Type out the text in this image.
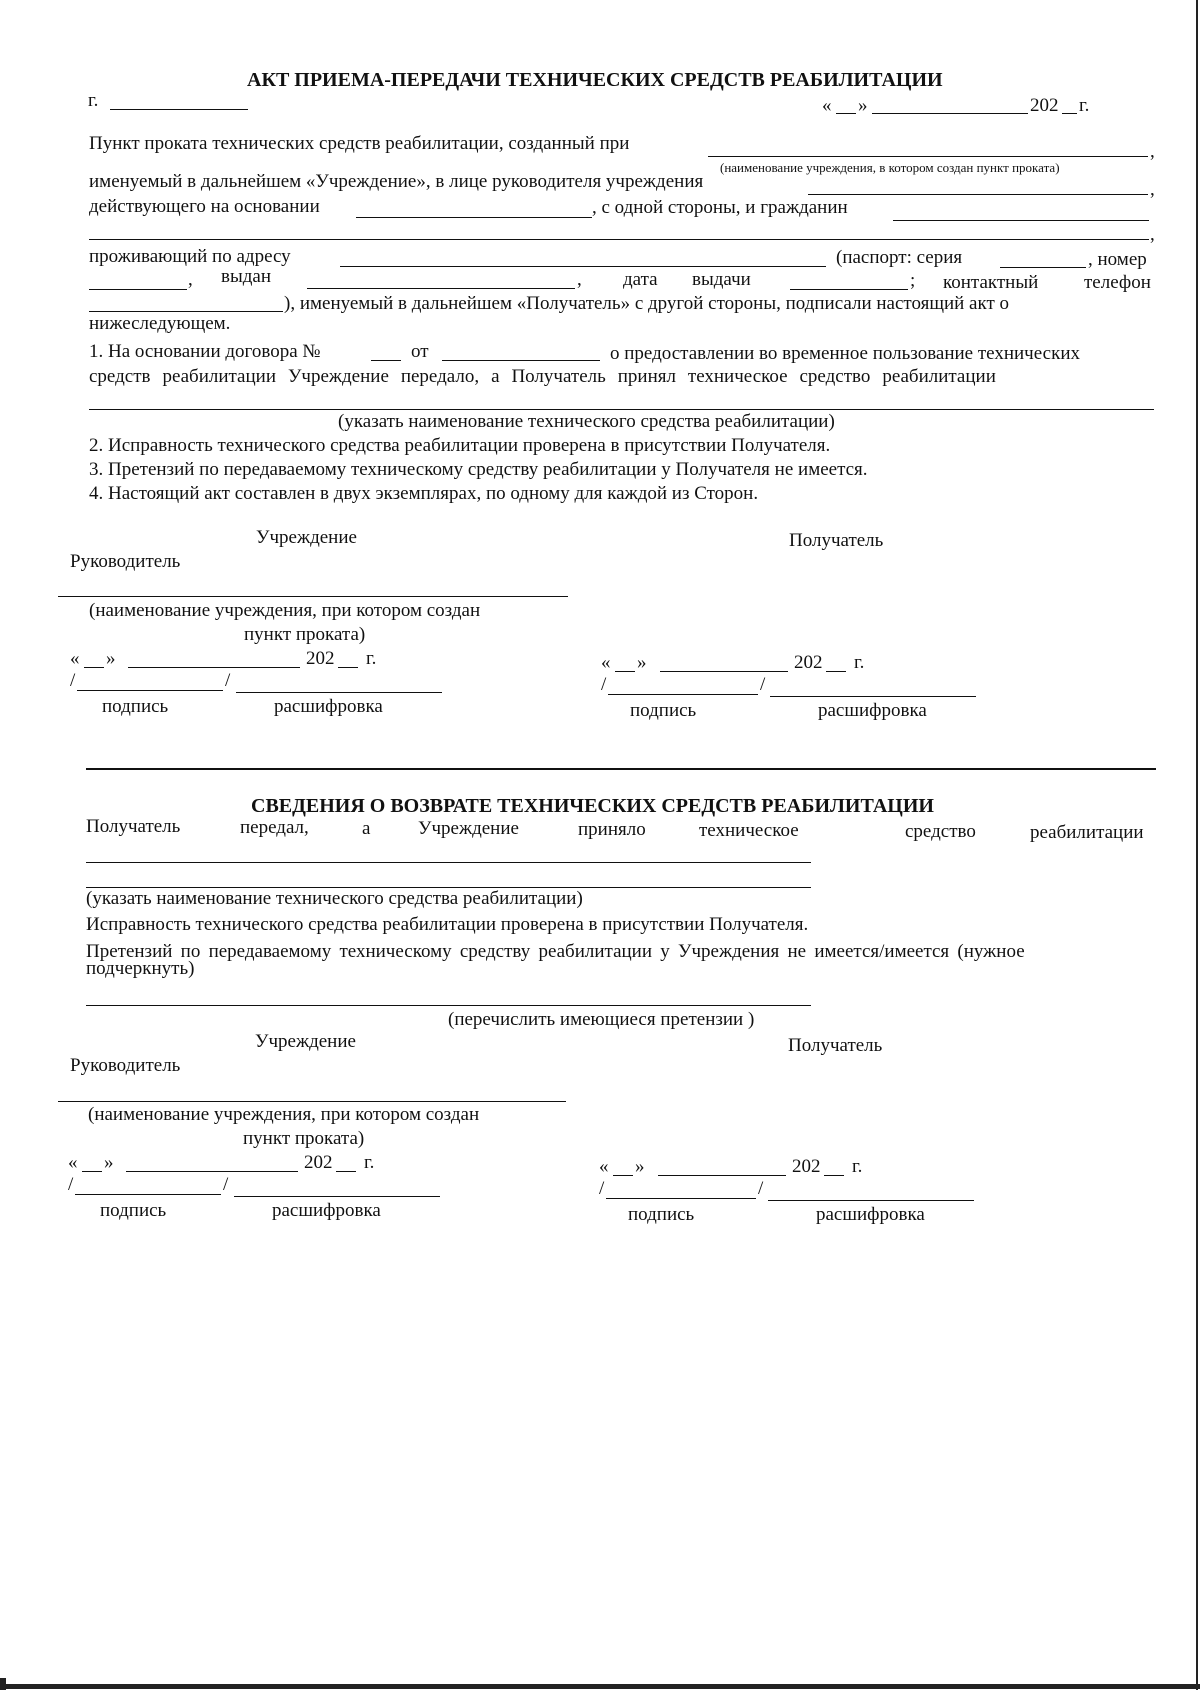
АКТ ПРИЕМА-ПЕРЕДАЧИ ТЕХНИЧЕСКИХ СРЕДСТВ РЕАБИЛИТАЦИИ
г.	« »	202 г.
Пункт проката технических средств реабилитации, созданный при	,
(наименование учреждения, в котором создан пункт проката)
именуемый в дальнейшем «Учреждение», в лице руководителя учреждения	,
действующего на основании	, с одной стороны, и гражданин
,
проживающий по адресу	(паспорт: серия	, номер
, выдан	, дата выдачи	; контактный телефон
), именуемый в дальнейшем «Получатель» с другой стороны, подписали настоящий акт о
нижеследующем.
1. На основании договора №	от	о предоставлении во временное пользование технических
средств реабилитации Учреждение передало, а Получатель принял техническое средство реабилитации
(указать наименование технического средства реабилитации)
2. Исправность технического средства реабилитации проверена в присутствии Получателя.
3. Претензий по передаваемому техническому средству реабилитации у Получателя не имеется.
4. Настоящий акт составлен в двух экземплярах, по одному для каждой из Сторон.
Учреждение	Получатель
Руководитель
(наименование учреждения, при котором создан
пункт проката)
« »	202 г.
/	/
подпись	расшифровка
« »	202 г.
/	/
подпись	расшифровка
СВЕДЕНИЯ О ВОЗВРАТЕ ТЕХНИЧЕСКИХ СРЕДСТВ РЕАБИЛИТАЦИИ
Получатель	передал,	а	Учреждение	приняло	техническое	средство	реабилитации
(указать наименование технического средства реабилитации)
Исправность технического средства реабилитации проверена в присутствии Получателя.
Претензий по передаваемому техническому средству реабилитации у Учреждения не имеется/имеется (нужное
подчеркнуть)
(перечислить имеющиеся претензии )
Учреждение	Получатель
Руководитель
(наименование учреждения, при котором создан
пункт проката)
« »	202 г.
/	/
подпись	расшифровка
« »	202 г.
/	/
подпись	расшифровка
